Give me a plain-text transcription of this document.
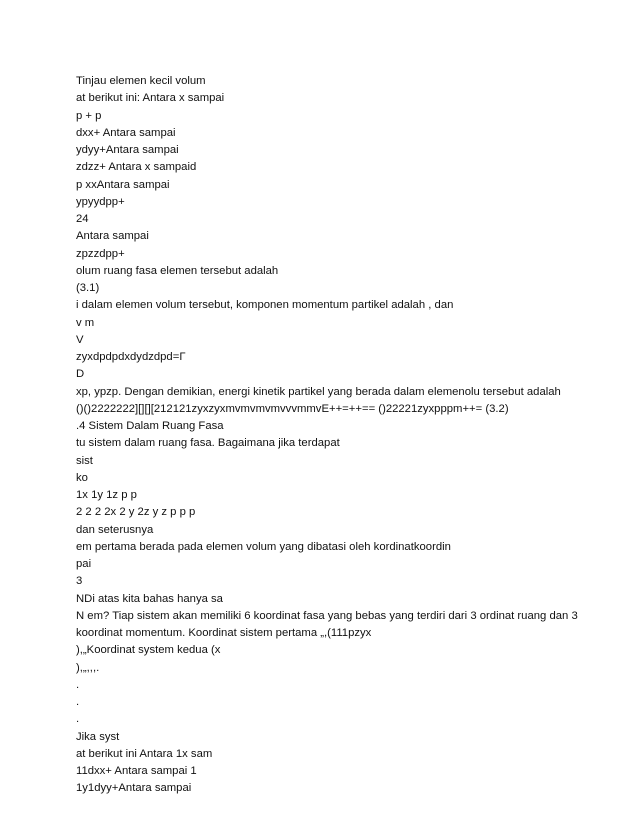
Tinjau elemen kecil volum
at berikut ini: Antara x sampai
p + p
dxx+ Antara sampai
ydyy+Antara sampai
zdzz+ Antara x sampaid
p xxAntara sampai
ypyydpp+
24
Antara sampai
zpzzdpp+
olum ruang fasa elemen tersebut adalah
(3.1)
i dalam elemen volum tersebut, komponen momentum partikel adalah , dan
v m
V
zyxdpdpdxdydzdpd=Γ
D
xp, ypzp. Dengan demikian, energi kinetik partikel yang berada dalam elemenolu tersebut adalah
()()2222222][][][212121zyxzyxmvmvmvmvvvmmvE++=++== ()22221zyxpppm++= (3.2)
.4 Sistem Dalam Ruang Fasa
tu sistem dalam ruang fasa. Bagaimana jika terdapat
sist
ko
1x 1y 1z p p
2 2 2 2x 2 y 2z y z p p p
dan seterusnya
em pertama berada pada elemen volum yang dibatasi oleh kordinatkoordin
pai
3
NDi atas kita bahas hanya sa
N em? Tiap sistem akan memiliki 6 koordinat fasa yang bebas yang terdiri dari 3 ordinat ruang dan 3
koordinat momentum. Koordinat sistem pertama „,(111pzyx
),„Koordinat system kedua (x
),„,,,.
.
.
.
Jika syst
at berikut ini Antara 1x sam
11dxx+ Antara sampai 1
1y1dyy+Antara sampai
